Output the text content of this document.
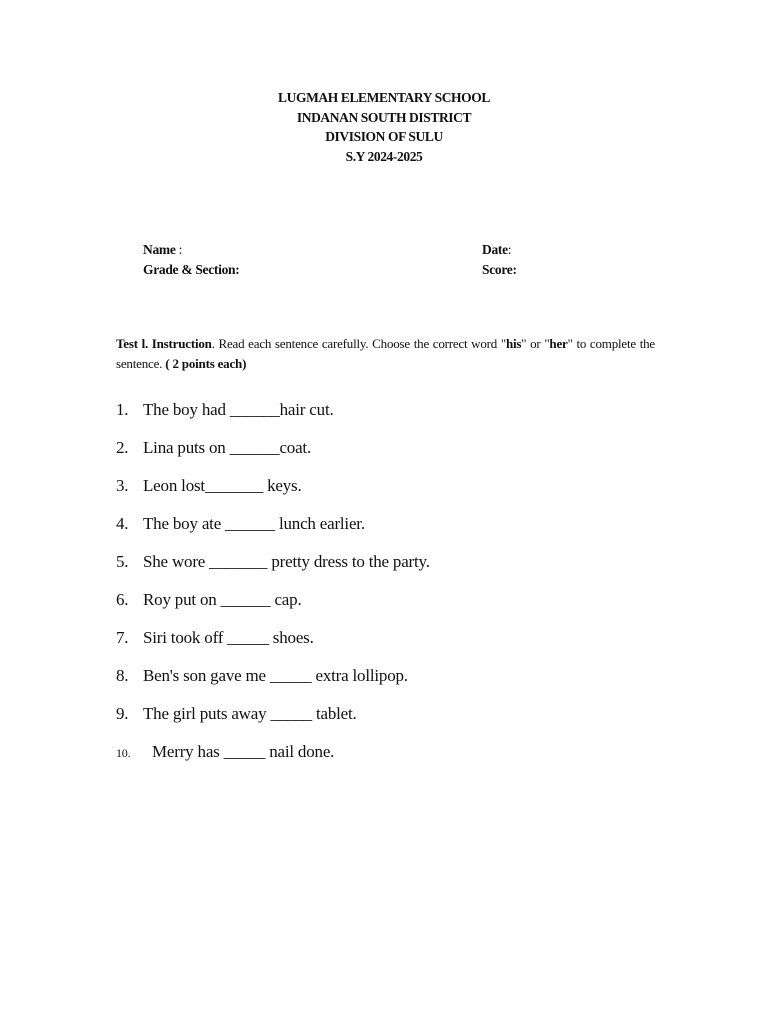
LUGMAH ELEMENTARY SCHOOL
INDANAN SOUTH DISTRICT
DIVISION OF SULU
S.Y 2024-2025
Name :
Grade & Section:
Date:
Score:
Test l. Instruction. Read each sentence carefully. Choose the correct word "his" or "her" to complete the sentence. ( 2 points each)
1. The boy had ______hair cut.
2. Lina puts on ______coat.
3. Leon lost_______ keys.
4. The boy ate ______ lunch earlier.
5. She wore _______ pretty dress to the party.
6. Roy put on ______ cap.
7. Siri took off _____ shoes.
8. Ben's son gave me _____ extra lollipop.
9. The girl puts away _____ tablet.
10. Merry has _____ nail done.
